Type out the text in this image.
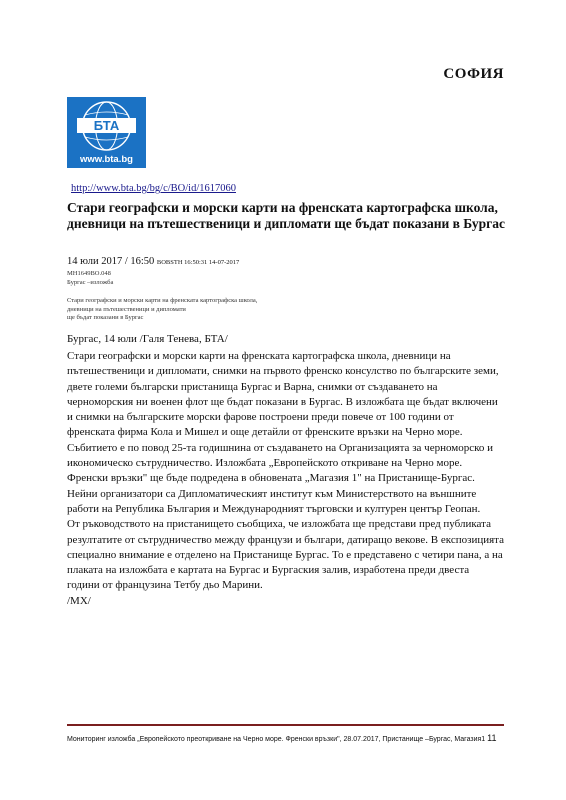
СОФИЯ
БТА
www.bta.bg
http://www.bta.bg/bg/c/BO/id/1617060
Стари географски и морски карти на френската картографска школа, дневници на пътешественици и дипломати ще бъдат показани в Бургас
14 юли 2017 / 16:50 BOBSTH 16:50:31 14-07-2017
MH1649BO.048
Бургас –изложба
Стари географски и морски карти на френската картографска школа,
дневници на пътешественици и дипломати
ще бъдат показани в Бургас
Бургас, 14 юли /Галя Тенева, БТА/

Стари географски и морски карти на френската картографска школа, дневници на пътешественици и дипломати, снимки на първото френско консулство по българските земи, двете големи български пристанища Бургас и Варна, снимки от създаването на черноморския ни военен флот ще бъдат показани в Бургас. В изложбата ще бъдат включени и снимки на българските морски фарове построени преди повече от 100 години от френската фирма Кола и Мишел и още детайли от френските връзки на Черно море. Събитието е по повод 25-та годишнина от създаването на Организацията за черноморско и икономическо сътрудничество. Изложбата „Европейското откриване на Черно море. Френски връзки" ще бъде подредена в обновената „Магазия 1" на Пристанище-Бургас. Нейни организатори са Дипломатическият институт към Министерството на външните работи на Република България и Международният търговски и културен център Геопан.

От ръководството на пристанището съобщиха, че изложбата ще представи пред публиката резултатите от сътрудничество между французи и българи, датиращо векове. В експозицията специално внимание е отделено на Пристанище Бургас. То е представено с четири пана, а на плаката на изложбата е картата на Бургас и Бургаския залив, изработена преди двеста години от французина Тетбу дьо Марини.

/МХ/

Мониторинг изложба „Европейското преоткриване на Черно море. Френски връзки", 28.07.2017, Пристанище –Бургас, Магазия1 11
